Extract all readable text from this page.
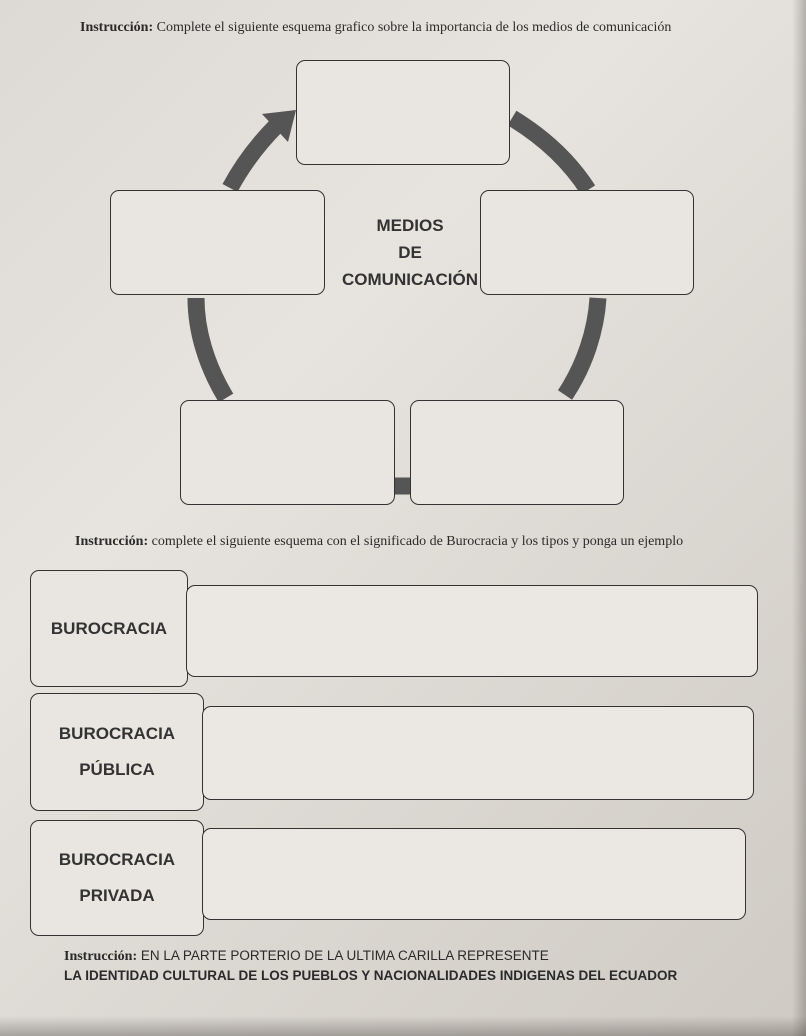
Instrucción: Complete el siguiente esquema grafico sobre la importancia de los medios de comunicación
MEDIOS
DE
COMUNICACIÓN
Instrucción: complete el siguiente esquema con el significado de Burocracia y los tipos y ponga un ejemplo
BUROCRACIA
BUROCRACIA
PÚBLICA
BUROCRACIA
PRIVADA
Instrucción: EN LA PARTE PORTERIO DE LA ULTIMA CARILLA REPRESENTE
LA IDENTIDAD CULTURAL DE LOS PUEBLOS Y NACIONALIDADES INDIGENAS DEL ECUADOR
